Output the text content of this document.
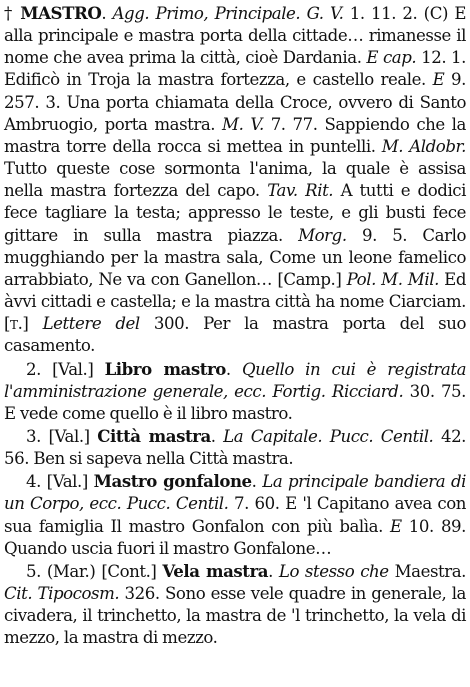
† MASTRO. Agg. Primo, Principale. G. V. 1. 11. 2. (C) E alla principale e mastra porta della cittade… rimanesse il nome che avea prima la città, cioè Dardania. E cap. 12. 1. Edificò in Troja la mastra fortezza, e castello reale. E 9. 257. 3. Una porta chiamata della Croce, ovvero di Santo Ambruogio, porta mastra. M. V. 7. 77. Sappiendo che la mastra torre della rocca si mettea in puntelli. M. Aldobr. Tutto queste cose sormonta l'anima, la quale è assisa nella mastra fortezza del capo. Tav. Rit. A tutti e dodici fece tagliare la testa; appresso le teste, e gli busti fece gittare in sulla mastra piazza. Morg. 9. 5. Carlo mugghiando per la mastra sala, Come un leone famelico arrabbiato, Ne va con Ganellon… [Camp.] Pol. M. Mil. Ed àvvi cittadi e castella; e la mastra città ha nome Ciarciam. [t.] Lettere del 300. Per la mastra porta del suo casamento.

2. [Val.] Libro mastro. Quello in cui è registrata l'amministrazione generale, ecc. Fortig. Ricciard. 30. 75. E vede come quello è il libro mastro.

3. [Val.] Città mastra. La Capitale. Pucc. Centil. 42. 56. Ben si sapeva nella Città mastra.

4. [Val.] Mastro gonfalone. La principale bandiera di un Corpo, ecc. Pucc. Centil. 7. 60. E 'l Capitano avea con sua famiglia Il mastro Gonfalon con più balìa. E 10. 89. Quando uscia fuori il mastro Gonfalone…

5. (Mar.) [Cont.] Vela mastra. Lo stesso che Maestra. Cit. Tipocosm. 326. Sono esse vele quadre in generale, la civadera, il trinchetto, la mastra de 'l trinchetto, la vela di mezzo, la mastra di mezzo.
